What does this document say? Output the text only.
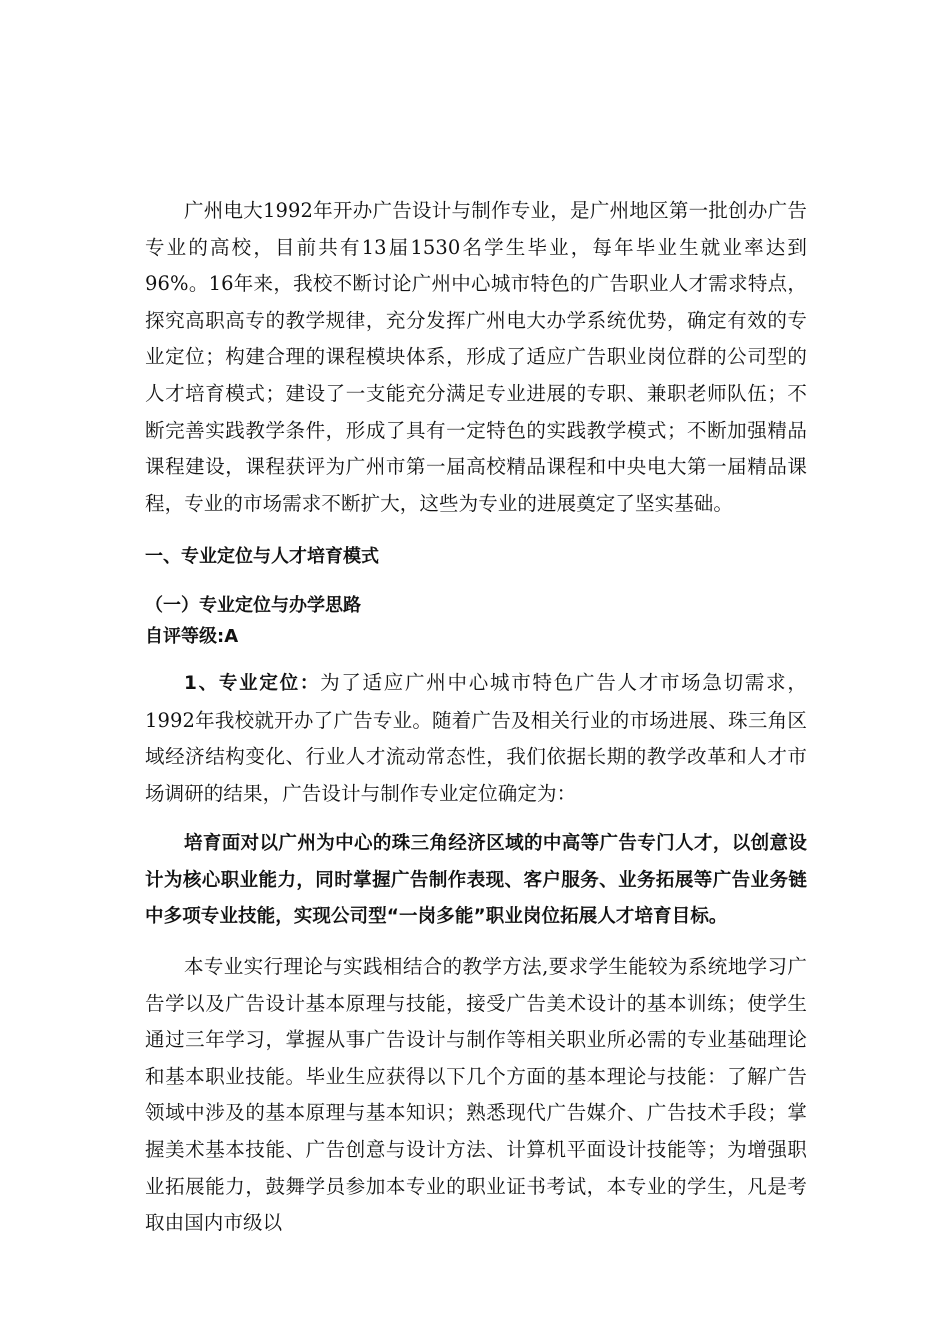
广州电大1992年开办广告设计与制作专业，是广州地区第一批创办广告专业的高校，目前共有13届1530名学生毕业，每年毕业生就业率达到96%。16年来，我校不断讨论广州中心城市特色的广告职业人才需求特点，探究高职高专的教学规律，充分发挥广州电大办学系统优势，确定有效的专业定位；构建合理的课程模块体系，形成了适应广告职业岗位群的公司型的人才培育模式；建设了一支能充分满足专业进展的专职、兼职老师队伍；不断完善实践教学条件，形成了具有一定特色的实践教学模式；不断加强精品课程建设，课程获评为广州市第一届高校精品课程和中央电大第一届精品课程，专业的市场需求不断扩大，这些为专业的进展奠定了坚实基础。

一、专业定位与人才培育模式
（一）专业定位与办学思路
自评等级:A

1、专业定位：为了适应广州中心城市特色广告人才市场急切需求，1992年我校就开办了广告专业。随着广告及相关行业的市场进展、珠三角区域经济结构变化、行业人才流动常态性，我们依据长期的教学改革和人才市场调研的结果，广告设计与制作专业定位确定为：

培育面对以广州为中心的珠三角经济区域的中高等广告专门人才，以创意设计为核心职业能力，同时掌握广告制作表现、客户服务、业务拓展等广告业务链中多项专业技能，实现公司型“一岗多能”职业岗位拓展人才培育目标。

本专业实行理论与实践相结合的教学方法,要求学生能较为系统地学习广告学以及广告设计基本原理与技能，接受广告美术设计的基本训练；使学生通过三年学习，掌握从事广告设计与制作等相关职业所必需的专业基础理论和基本职业技能。毕业生应获得以下几个方面的基本理论与技能：了解广告领域中涉及的基本原理与基本知识；熟悉现代广告媒介、广告技术手段；掌握美术基本技能、广告创意与设计方法、计算机平面设计技能等；为增强职业拓展能力，鼓舞学员参加本专业的职业证书考试，本专业的学生，凡是考取由国内市级以
